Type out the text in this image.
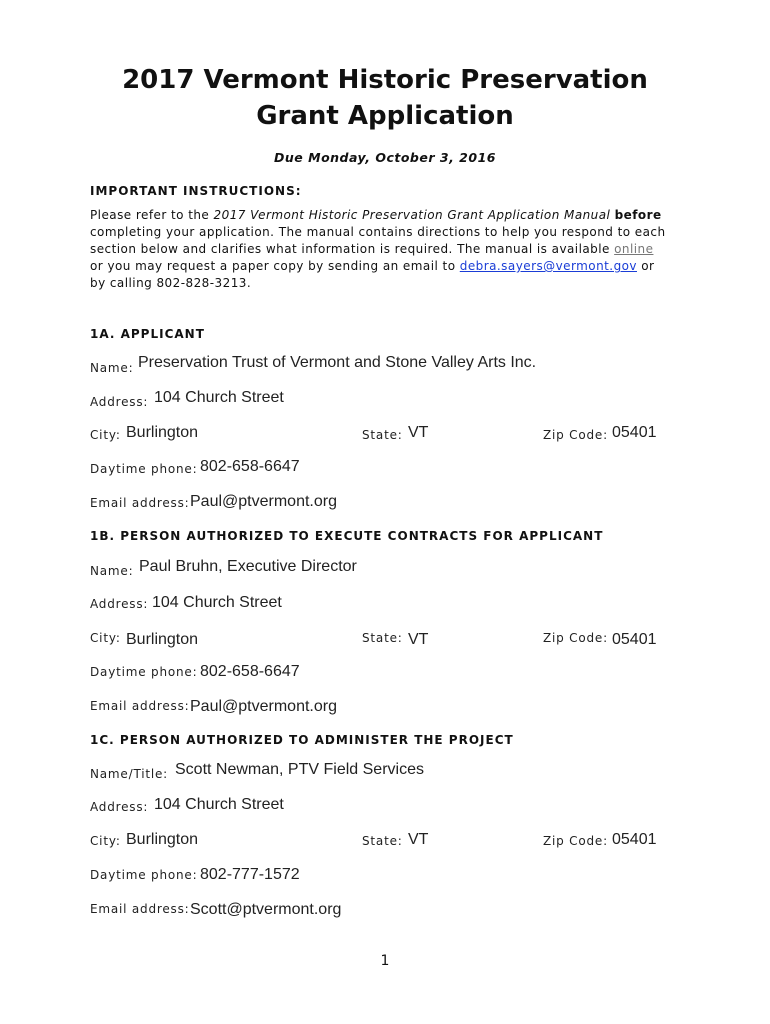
2017 Vermont Historic Preservation
Grant Application
Due Monday, October 3, 2016
IMPORTANT INSTRUCTIONS:
Please refer to the 2017 Vermont Historic Preservation Grant Application Manual before
completing your application. The manual contains directions to help you respond to each
section below and clarifies what information is required. The manual is available online
or you may request a paper copy by sending an email to debra.sayers@vermont.gov or
by calling 802-828-3213.
1A. APPLICANT
Name: Preservation Trust of Vermont and Stone Valley Arts Inc.
Address: 104 Church Street
City: Burlington	State: VT	Zip Code: 05401
Daytime phone: 802-658-6647
Email address: Paul@ptvermont.org
1B. PERSON AUTHORIZED TO EXECUTE CONTRACTS FOR APPLICANT
Name: Paul Bruhn, Executive Director
Address: 104 Church Street
City: Burlington	State: VT	Zip Code: 05401
Daytime phone: 802-658-6647
Email address: Paul@ptvermont.org
1C. PERSON AUTHORIZED TO ADMINISTER THE PROJECT
Name/Title: Scott Newman, PTV Field Services
Address: 104 Church Street
City: Burlington	State: VT	Zip Code: 05401
Daytime phone: 802-777-1572
Email address: Scott@ptvermont.org
1
